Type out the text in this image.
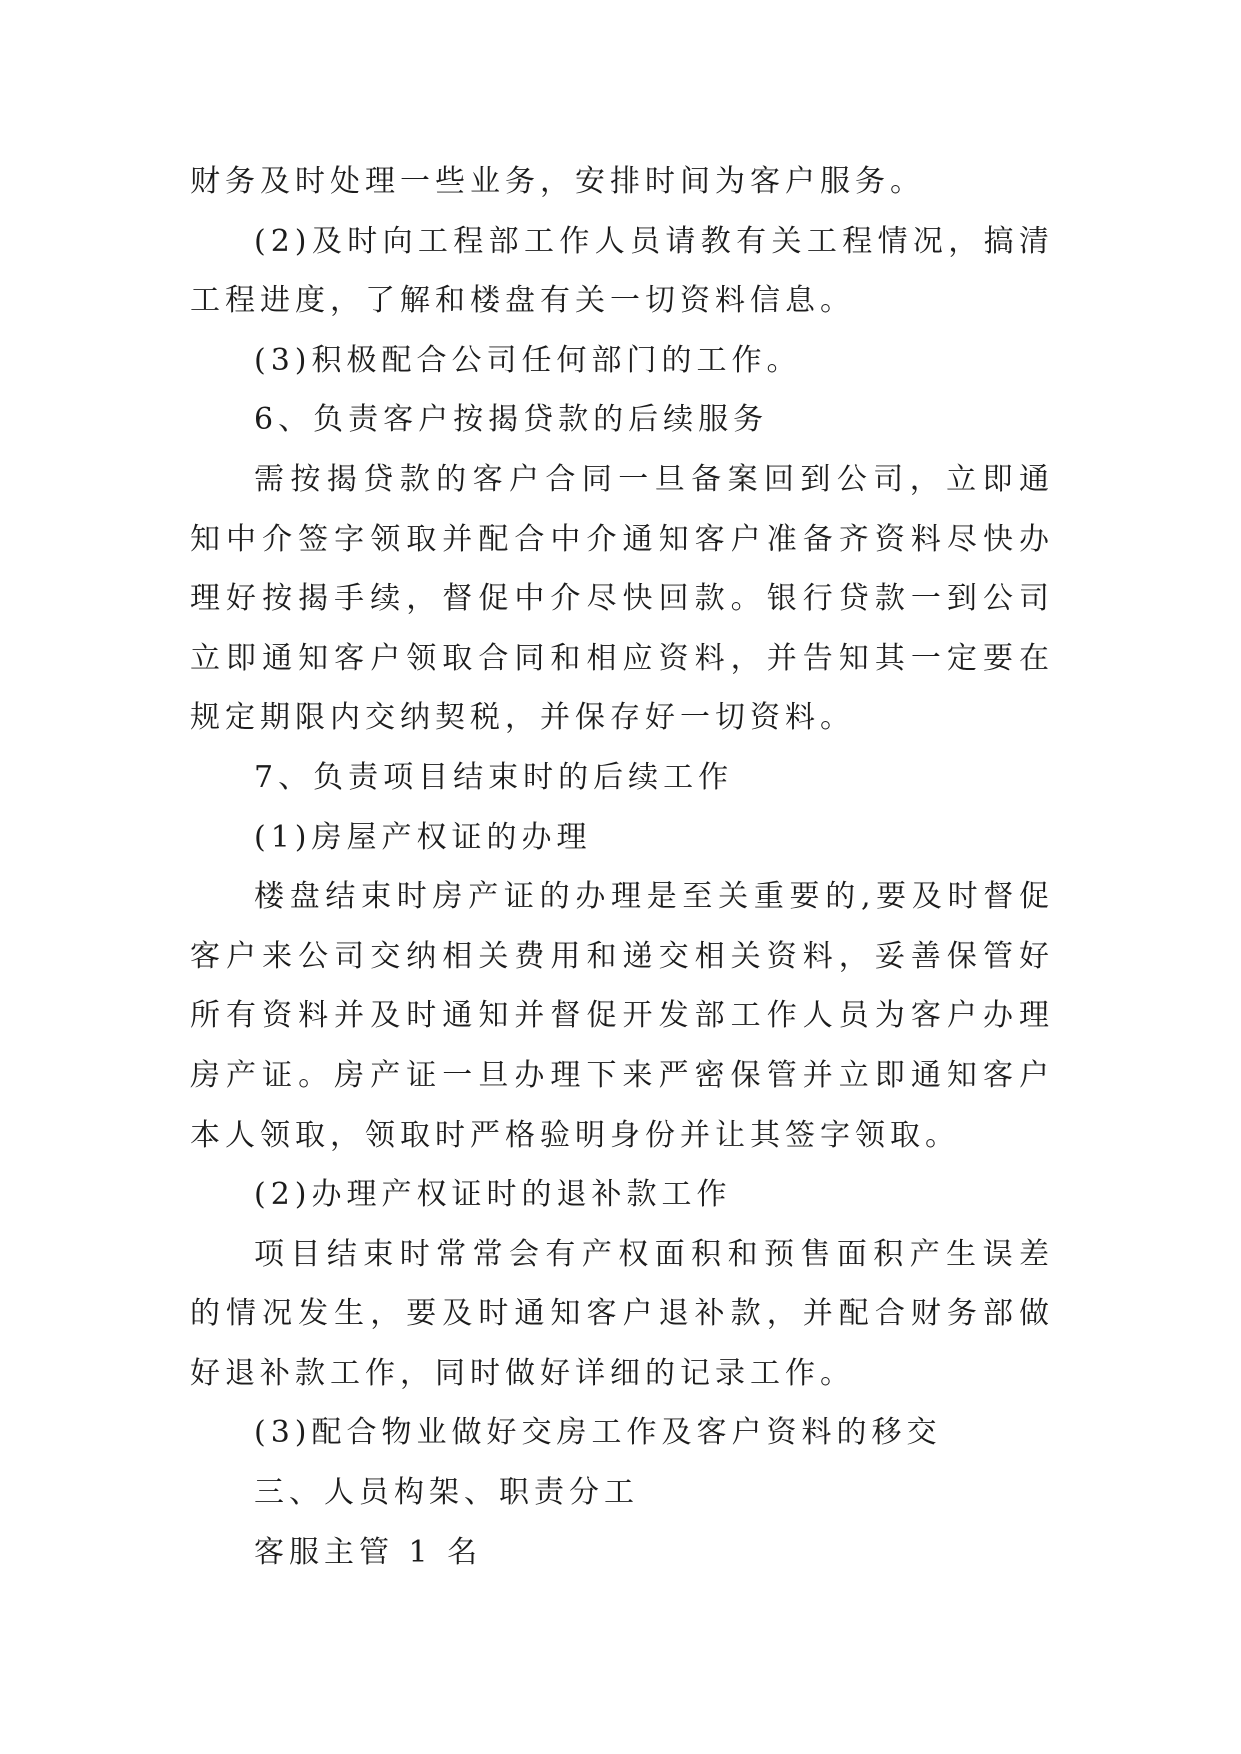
财务及时处理一些业务，安排时间为客户服务。

(2)及时向工程部工作人员请教有关工程情况，搞清工程进度，了解和楼盘有关一切资料信息。

(3)积极配合公司任何部门的工作。

6、负责客户按揭贷款的后续服务

需按揭贷款的客户合同一旦备案回到公司，立即通知中介签字领取并配合中介通知客户准备齐资料尽快办理好按揭手续，督促中介尽快回款。银行贷款一到公司立即通知客户领取合同和相应资料，并告知其一定要在规定期限内交纳契税，并保存好一切资料。

7、负责项目结束时的后续工作

(1)房屋产权证的办理

楼盘结束时房产证的办理是至关重要的,要及时督促客户来公司交纳相关费用和递交相关资料，妥善保管好所有资料并及时通知并督促开发部工作人员为客户办理房产证。房产证一旦办理下来严密保管并立即通知客户本人领取，领取时严格验明身份并让其签字领取。

(2)办理产权证时的退补款工作

项目结束时常常会有产权面积和预售面积产生误差的情况发生，要及时通知客户退补款，并配合财务部做好退补款工作，同时做好详细的记录工作。

(3)配合物业做好交房工作及客户资料的移交

三、人员构架、职责分工

客服主管 1 名
